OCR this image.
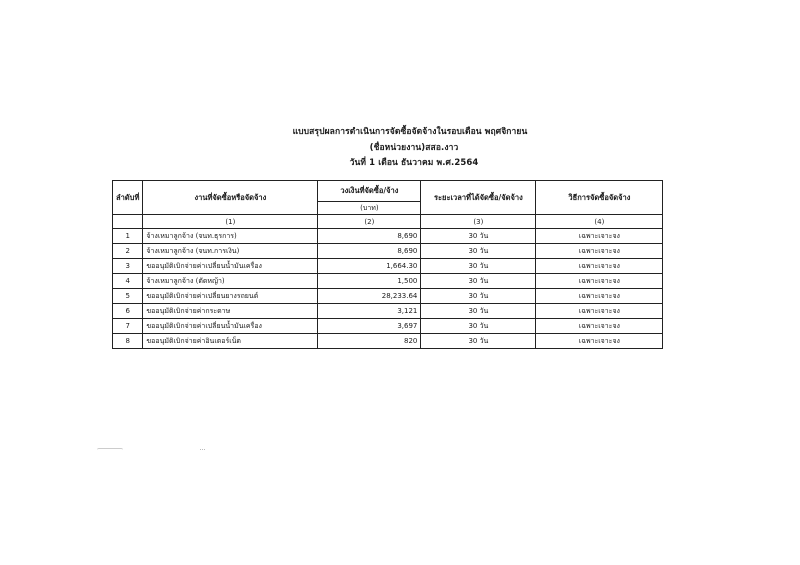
แบบสรุปผลการดำเนินการจัดซื้อจัดจ้างในรอบเดือน พฤศจิกายน
(ชื่อหน่วยงาน)สสอ.งาว
วันที่ 1 เดือน ธันวาคม พ.ศ.2564
ลำดับที่	งานที่จัดซื้อหรือจัดจ้าง	วงเงินที่จัดซื้อ/จ้าง	ระยะเวลาที่ได้จัดซื้อ/จัดจ้าง	วิธีการจัดซื้อจัดจ้าง
		(บาท)		
	(1)	(2)	(3)	(4)
1	จ้างเหมาลูกจ้าง (จนท.ธุรการ)	8,690	30 วัน	เฉพาะเจาะจง
2	จ้างเหมาลูกจ้าง (จนท.การเงิน)	8,690	30 วัน	เฉพาะเจาะจง
3	ขออนุมัติเบิกจ่ายค่าเปลี่ยนน้ำมันเครื่อง	1,664.30	30 วัน	เฉพาะเจาะจง
4	จ้างเหมาลูกจ้าง (ตัดหญ้า)	1,500	30 วัน	เฉพาะเจาะจง
5	ขออนุมัติเบิกจ่ายค่าเปลี่ยนยางรถยนต์	28,233.64	30 วัน	เฉพาะเจาะจง
6	ขออนุมัติเบิกจ่ายค่ากระดาษ	3,121	30 วัน	เฉพาะเจาะจง
7	ขออนุมัติเบิกจ่ายค่าเปลี่ยนน้ำมันเครื่อง	3,697	30 วัน	เฉพาะเจาะจง
8	ขออนุมัติเบิกจ่ายค่าอินเตอร์เน็ต	820	30 วัน	เฉพาะเจาะจง
